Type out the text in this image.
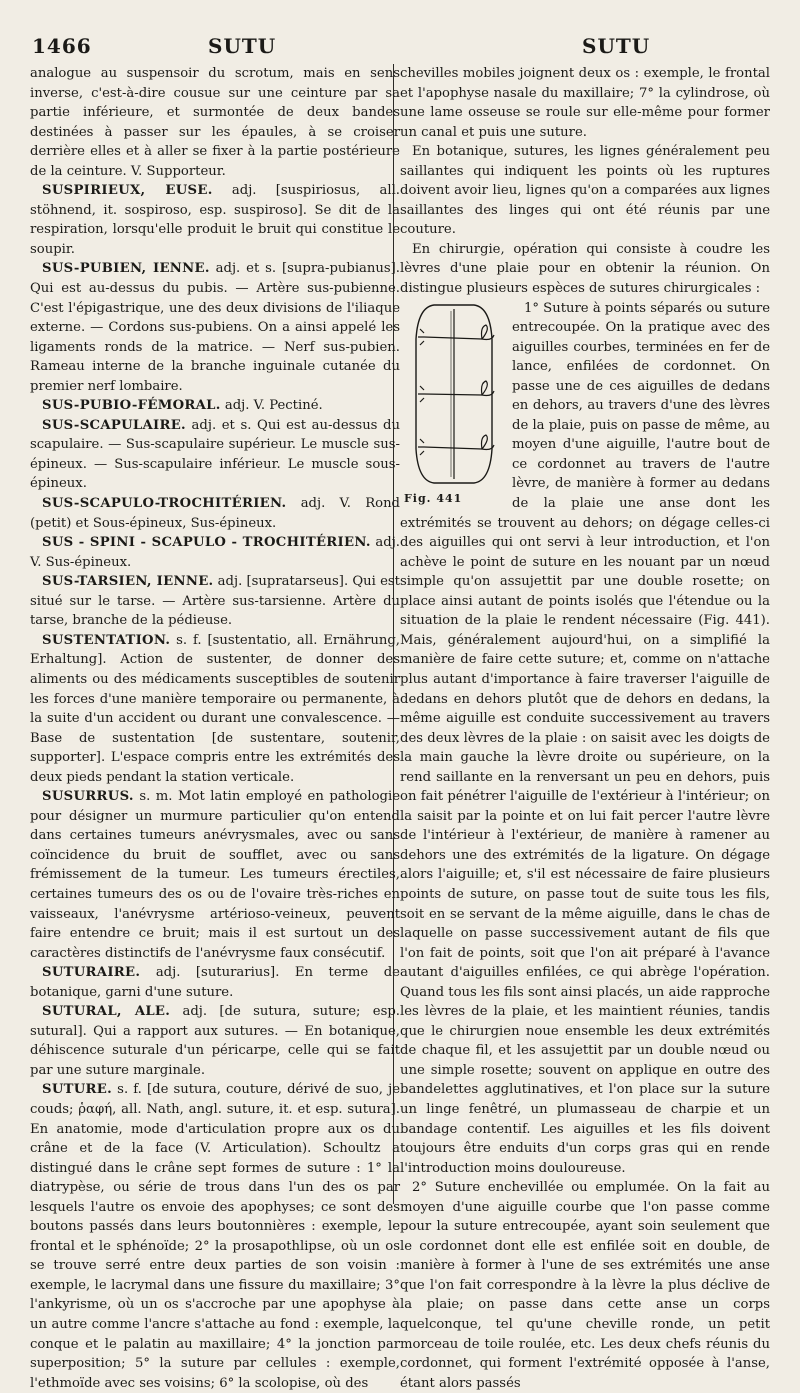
1466	SUTU	SUTU

analogue au suspensoir du scrotum, mais en sens inverse, c'est-à-dire cousue sur une ceinture par sa partie inférieure, et surmontée de deux bandes destinées à passer sur les épaules, à se croiser derrière elles et à aller se fixer à la partie postérieure de la ceinture. V. Supporteur.

SUSPIRIEUX, EUSE. adj. [suspiriosus, all. stöhnend, it. sospiroso, esp. suspiroso]. Se dit de la respiration, lorsqu'elle produit le bruit qui constitue le soupir.

SUS-PUBIEN, IENNE. adj. et s. [supra-pubianus]. Qui est au-dessus du pubis. — Artère sus-pubienne. C'est l'épigastrique, une des deux divisions de l'iliaque externe. — Cordons sus-pubiens. On a ainsi appelé les ligaments ronds de la matrice. — Nerf sus-pubien. Rameau interne de la branche inguinale cutanée du premier nerf lombaire.

SUS-PUBIO-FÉMORAL. adj. V. Pectiné.

SUS-SCAPULAIRE. adj. et s. Qui est au-dessus du scapulaire. — Sus-scapulaire supérieur. Le muscle sus-épineux. — Sus-scapulaire inférieur. Le muscle sous-épineux.

SUS-SCAPULO-TROCHITÉRIEN. adj. V. Rond (petit) et Sous-épineux, Sus-épineux.

SUS - SPINI - SCAPULO - TROCHITÉRIEN. adj. V. Sus-épineux.

SUS-TARSIEN, IENNE. adj. [supratarseus]. Qui est situé sur le tarse. — Artère sus-tarsienne. Artère du tarse, branche de la pédieuse.

SUSTENTATION. s. f. [sustentatio, all. Ernährung, Erhaltung]. Action de sustenter, de donner des aliments ou des médicaments susceptibles de soutenir les forces d'une manière temporaire ou permanente, à la suite d'un accident ou durant une convalescence. — Base de sustentation [de sustentare, soutenir, supporter]. L'espace compris entre les extrémités des deux pieds pendant la station verticale.

SUSURRUS. s. m. Mot latin employé en pathologie pour désigner un murmure particulier qu'on entend dans certaines tumeurs anévrysmales, avec ou sans coïncidence du bruit de soufflet, avec ou sans frémissement de la tumeur. Les tumeurs érectiles, certaines tumeurs des os ou de l'ovaire très-riches en vaisseaux, l'anévrysme artérioso-veineux, peuvent faire entendre ce bruit; mais il est surtout un des caractères distinctifs de l'anévrysme faux consécutif.

SUTURAIRE. adj. [suturarius]. En terme de botanique, garni d'une suture.

SUTURAL, ALE. adj. [de sutura, suture; esp. sutural]. Qui a rapport aux sutures. — En botanique, déhiscence suturale d'un péricarpe, celle qui se fait par une suture marginale.

SUTURE. s. f. [de sutura, couture, dérivé de suo, je couds; ῥαφή, all. Nath, angl. suture, it. et esp. sutura]. En anatomie, mode d'articulation propre aux os du crâne et de la face (V. Articulation). Schoultz a distingué dans le crâne sept formes de suture : 1° la diatrypèse, ou série de trous dans l'un des os par lesquels l'autre os envoie des apophyses; ce sont des boutons passés dans leurs boutonnières : exemple, le frontal et le sphénoïde; 2° la prosapothlipse, où un os se trouve serré entre deux parties de son voisin : exemple, le lacrymal dans une fissure du maxillaire; 3° l'ankyrisme, où un os s'accroche par une apophyse à un autre comme l'ancre s'attache au fond : exemple, la conque et le palatin au maxillaire; 4° la jonction par superposition; 5° la suture par cellules : exemple, l'ethmoïde avec ses voisins; 6° la scolopise, où des

chevilles mobiles joignent deux os : exemple, le frontal et l'apophyse nasale du maxillaire; 7° la cylindrose, où une lame osseuse se roule sur elle-même pour former un canal et puis une suture.

En botanique, sutures, les lignes généralement peu saillantes qui indiquent les points où les ruptures doivent avoir lieu, lignes qu'on a comparées aux lignes saillantes des linges qui ont été réunis par une couture.

En chirurgie, opération qui consiste à coudre les lèvres d'une plaie pour en obtenir la réunion. On distingue plusieurs espèces de sutures chirurgicales :

Fig. 441
1° Suture à points séparés ou suture entrecoupée. On la pratique avec des aiguilles courbes, terminées en fer de lance, enfilées de cordonnet. On passe une de ces aiguilles de dedans en dehors, au travers d'une des lèvres de la plaie, puis on passe de même, au moyen d'une aiguille, l'autre bout de ce cordonnet au travers de l'autre lèvre, de manière à former au dedans de la plaie une anse dont les extrémités se trouvent au dehors; on dégage celles-ci des aiguilles qui ont servi à leur introduction, et l'on achève le point de suture en les nouant par un nœud simple qu'on assujettit par une double rosette; on place ainsi autant de points isolés que l'étendue ou la situation de la plaie le rendent nécessaire (Fig. 441). Mais, généralement aujourd'hui, on a simplifié la manière de faire cette suture; et, comme on n'attache plus autant d'importance à faire traverser l'aiguille de dedans en dehors plutôt que de dehors en dedans, la même aiguille est conduite successivement au travers des deux lèvres de la plaie : on saisit avec les doigts de la main gauche la lèvre droite ou supérieure, on la rend saillante en la renversant un peu en dehors, puis on fait pénétrer l'aiguille de l'extérieur à l'intérieur; on la saisit par la pointe et on lui fait percer l'autre lèvre de l'intérieur à l'extérieur, de manière à ramener au dehors une des extrémités de la ligature. On dégage alors l'aiguille; et, s'il est nécessaire de faire plusieurs points de suture, on passe tout de suite tous les fils, soit en se servant de la même aiguille, dans le chas de laquelle on passe successivement autant de fils que l'on fait de points, soit que l'on ait préparé à l'avance autant d'aiguilles enfilées, ce qui abrège l'opération. Quand tous les fils sont ainsi placés, un aide rapproche les lèvres de la plaie, et les maintient réunies, tandis que le chirurgien noue ensemble les deux extrémités de chaque fil, et les assujettit par un double nœud ou une simple rosette; souvent on applique en outre des bandelettes agglutinatives, et l'on place sur la suture un linge fenêtré, un plumasseau de charpie et un bandage contentif. Les aiguilles et les fils doivent toujours être enduits d'un corps gras qui en rende l'introduction moins douloureuse.

2° Suture enchevillée ou emplumée. On la fait au moyen d'une aiguille courbe que l'on passe comme pour la suture entrecoupée, ayant soin seulement que le cordonnet dont elle est enfilée soit en double, de manière à former à l'une de ses extrémités une anse que l'on fait correspondre à la lèvre la plus déclive de la plaie; on passe dans cette anse un corps quelconque, tel qu'une cheville ronde, un petit morceau de toile roulée, etc. Les deux chefs réunis du cordonnet, qui forment l'extrémité opposée à l'anse, étant alors passés
